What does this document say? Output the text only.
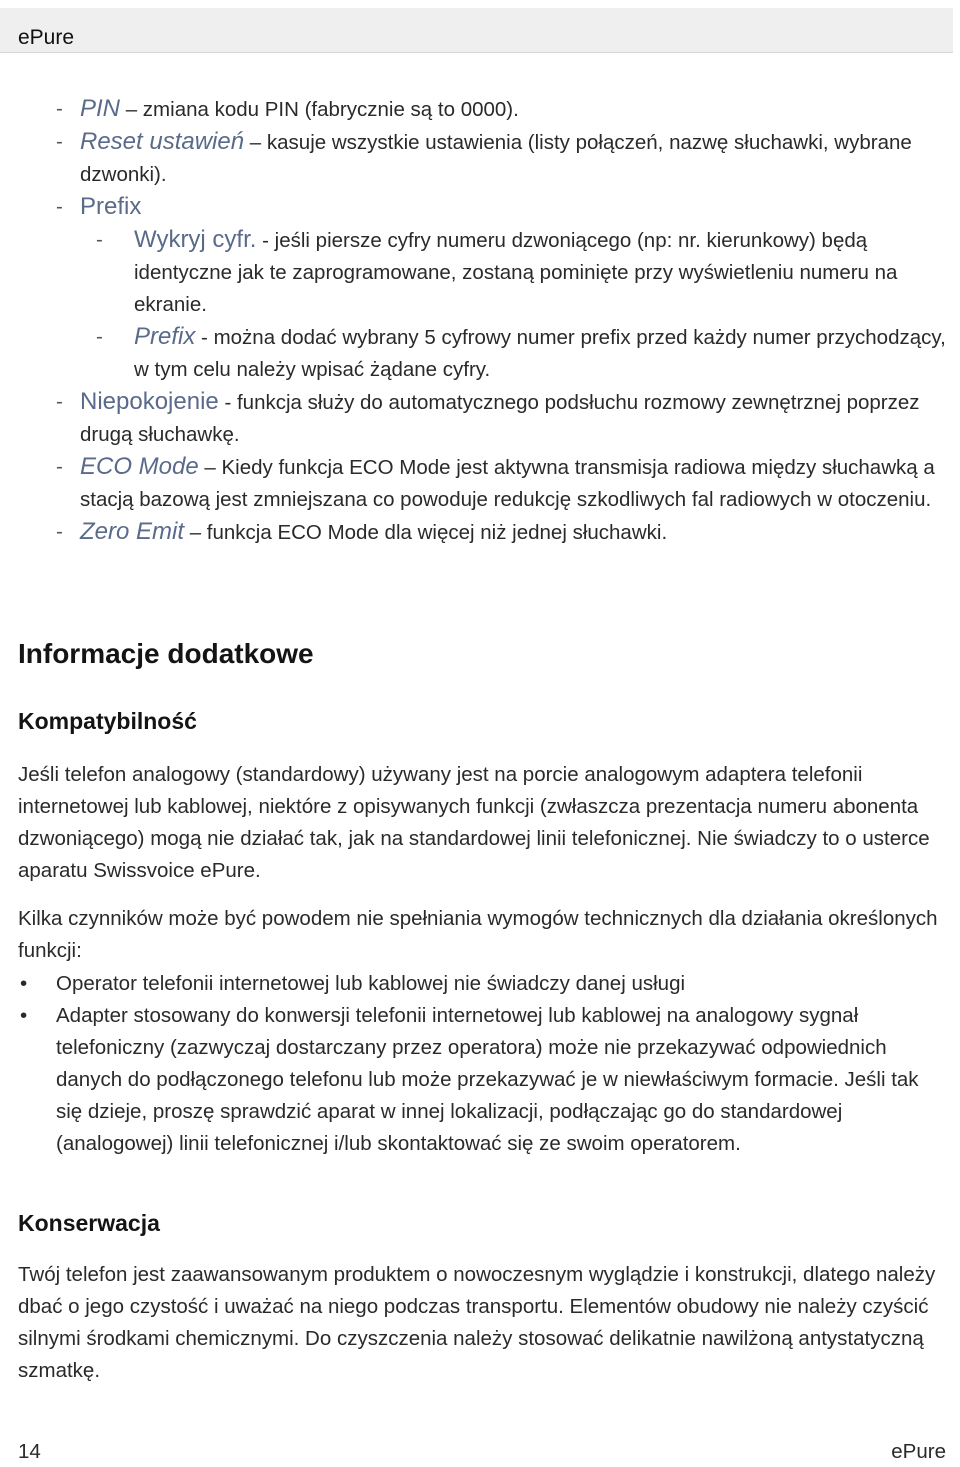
ePure
- PIN – zmiana kodu PIN (fabrycznie są to 0000).
- Reset ustawień – kasuje wszystkie ustawienia (listy połączeń, nazwę słuchawki, wybrane dzwonki).
- Prefix
- Wykryj cyfr. - jeśli piersze cyfry numeru dzwoniącego (np: nr. kierunkowy) będą identyczne jak te zaprogramowane, zostaną pominięte przy wyświetleniu numeru na ekranie.
- Prefix - można dodać wybrany 5 cyfrowy numer prefix przed każdy numer przychodzący, w tym celu należy wpisać żądane cyfry.
- Niepokojenie - funkcja służy do automatycznego podsłuchu rozmowy zewnętrznej poprzez drugą słuchawkę.
- ECO Mode – Kiedy funkcja ECO Mode jest aktywna transmisja radiowa między słuchawką a stacją bazową jest zmniejszana co powoduje redukcję szkodliwych fal radiowych w otoczeniu.
- Zero Emit – funkcja ECO Mode dla więcej niż jednej słuchawki.
Informacje dodatkowe
Kompatybilność
Jeśli telefon analogowy (standardowy) używany jest na porcie analogowym adaptera telefonii internetowej lub kablowej, niektóre z opisywanych funkcji (zwłaszcza prezentacja numeru abonenta dzwoniącego) mogą nie działać tak, jak na standardowej linii telefonicznej. Nie świadczy to o usterce aparatu Swissvoice ePure.
Kilka czynników może być powodem nie spełniania wymogów technicznych dla działania określonych funkcji:
• Operator telefonii internetowej lub kablowej nie świadczy danej usługi
• Adapter stosowany do konwersji telefonii internetowej lub kablowej na analogowy sygnał telefoniczny (zazwyczaj dostarczany przez operatora) może nie przekazywać odpowiednich danych do podłączonego telefonu lub może przekazywać je w niewłaściwym formacie. Jeśli tak się dzieje, proszę sprawdzić aparat w innej lokalizacji, podłączając go do standardowej (analogowej) linii telefonicznej i/lub skontaktować się ze swoim operatorem.
Konserwacja
Twój telefon jest zaawansowanym produktem o nowoczesnym wyglądzie i konstrukcji, dlatego należy dbać o jego czystość i uważać na niego podczas transportu. Elementów obudowy nie należy czyścić silnymi środkami chemicznymi. Do czyszczenia należy stosować delikatnie nawilżoną antystatyczną szmatkę.
14	ePure
